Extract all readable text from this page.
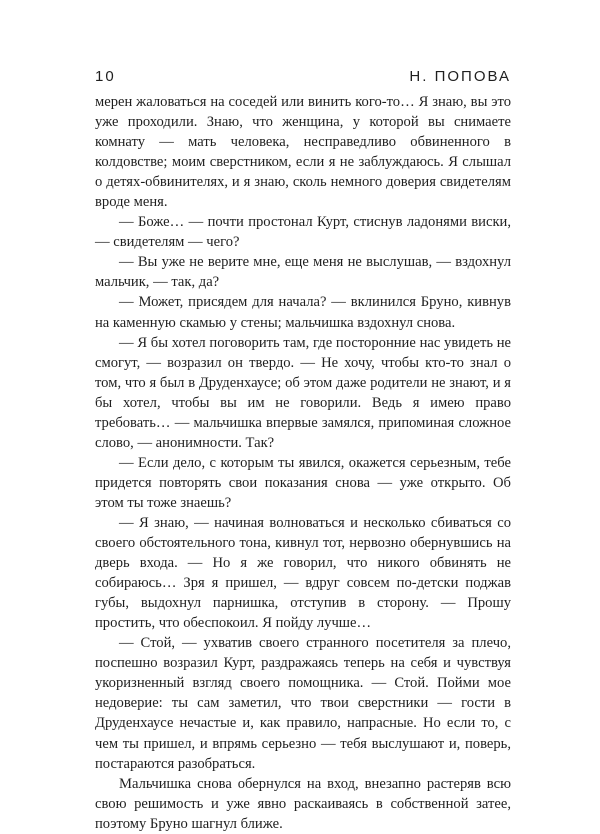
10	Н. ПОПОВА

мерен жаловаться на соседей или винить кого-то… Я знаю, вы это уже проходили. Знаю, что женщина, у которой вы снимаете комнату — мать человека, несправедливо обвиненного в колдовстве; моим сверстником, если я не заблуждаюсь. Я слышал о детях-обвинителях, и я знаю, сколь немного доверия свидетелям вроде меня.

— Боже… — почти простонал Курт, стиснув ладонями виски, — свидетелям — чего?

— Вы уже не верите мне, еще меня не выслушав, — вздохнул мальчик, — так, да?

— Может, присядем для начала? — вклинился Бруно, кивнув на каменную скамью у стены; мальчишка вздохнул снова.

— Я бы хотел поговорить там, где посторонние нас увидеть не смогут, — возразил он твердо. — Не хочу, чтобы кто-то знал о том, что я был в Друденхаусе; об этом даже родители не знают, и я бы хотел, чтобы вы им не говорили. Ведь я имею право требовать… — мальчишка впервые замялся, припоминая сложное слово, — анонимности. Так?

— Если дело, с которым ты явился, окажется серьезным, тебе придется повторять свои показания снова — уже открыто. Об этом ты тоже знаешь?

— Я знаю, — начиная волноваться и несколько сбиваться со своего обстоятельного тона, кивнул тот, нервозно обернувшись на дверь входа. — Но я же говорил, что никого обвинять не собираюсь… Зря я пришел, — вдруг совсем по-детски поджав губы, выдохнул парнишка, отступив в сторону. — Прошу простить, что обеспокоил. Я пойду лучше…

— Стой, — ухватив своего странного посетителя за плечо, поспешно возразил Курт, раздражаясь теперь на себя и чувствуя укоризненный взгляд своего помощника. — Стой. Пойми мое недоверие: ты сам заметил, что твои сверстники — гости в Друденхаусе нечастые и, как правило, напрасные. Но если то, с чем ты пришел, и впрямь серьезно — тебя выслушают и, поверь, постараются разобраться.

Мальчишка снова обернулся на вход, внезапно растеряв всю свою решимость и уже явно раскаиваясь в собственной затее, поэтому Бруно шагнул ближе.
